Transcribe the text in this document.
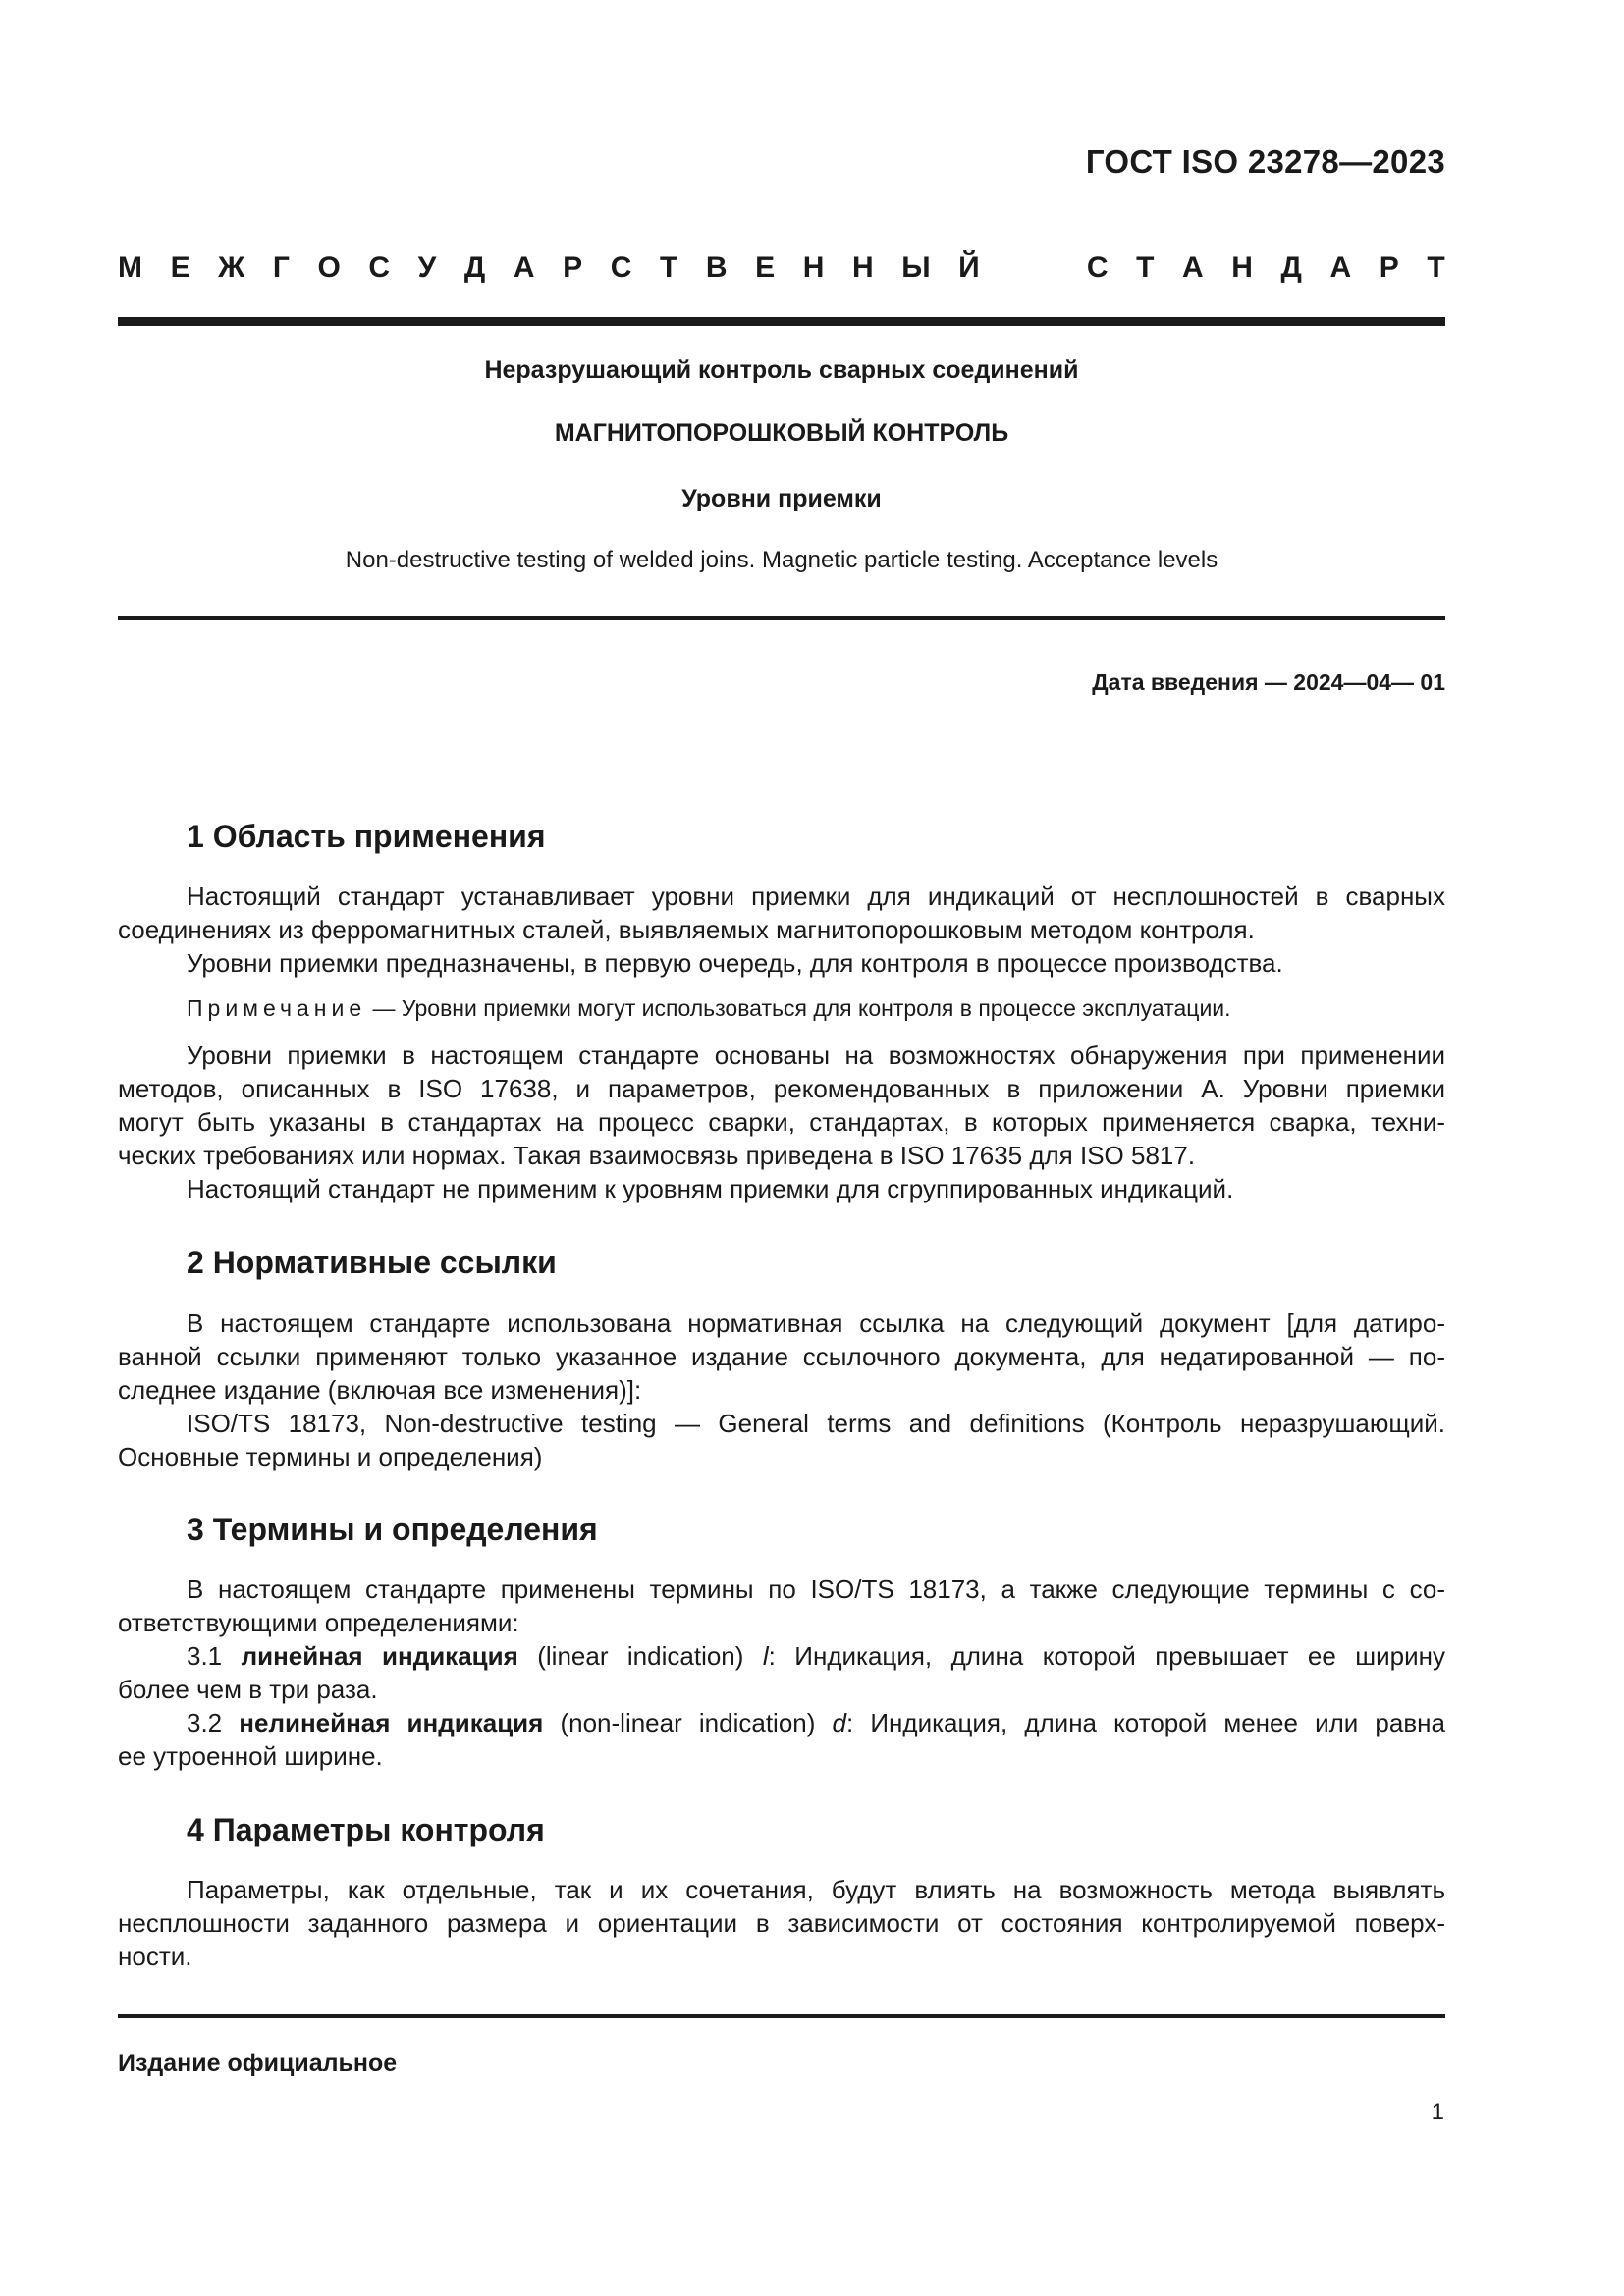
ГОСТ ISO 23278—2023
М Е Ж Г О С У Д А Р С Т В Е Н Н Ы Й	С Т А Н Д А Р Т
Неразрушающий контроль сварных соединений
МАГНИТОПОРОШКОВЫЙ КОНТРОЛЬ
Уровни приемки
Non-destructive testing of welded joins. Magnetic particle testing. Acceptance levels
Дата введения — 2024—04— 01
1 Область применения
Настоящий стандарт устанавливает уровни приемки для индикаций от несплошностей в сварных
соединениях из ферромагнитных сталей, выявляемых магнитопорошковым методом контроля.
Уровни приемки предназначены, в первую очередь, для контроля в процессе производства.
Примечание — Уровни приемки могут использоваться для контроля в процессе эксплуатации.
Уровни приемки в настоящем стандарте основаны на возможностях обнаружения при применении
методов, описанных в ISO 17638, и параметров, рекомендованных в приложении А. Уровни приемки
могут быть указаны в стандартах на процесс сварки, стандартах, в которых применяется сварка, техни-
ческих требованиях или нормах. Такая взаимосвязь приведена в ISO 17635 для ISO 5817.
Настоящий стандарт не применим к уровням приемки для сгруппированных индикаций.
2 Нормативные ссылки
В настоящем стандарте использована нормативная ссылка на следующий документ [для датиро-
ванной ссылки применяют только указанное издание ссылочного документа, для недатированной — по-
следнее издание (включая все изменения)]:
ISO/TS 18173, Non-destructive testing — General terms and definitions (Контроль неразрушающий.
Основные термины и определения)
3 Термины и определения
В настоящем стандарте применены термины по ISO/TS 18173, а также следующие термины с со-
ответствующими определениями:
3.1 линейная индикация (linear indication) l: Индикация, длина которой превышает ее ширину
более чем в три раза.
3.2 нелинейная индикация (non-linear indication) d: Индикация, длина которой менее или равна
ее утроенной ширине.
4 Параметры контроля
Параметры, как отдельные, так и их сочетания, будут влиять на возможность метода выявлять
несплошности заданного размера и ориентации в зависимости от состояния контролируемой поверх-
ности.
Издание официальное
1
